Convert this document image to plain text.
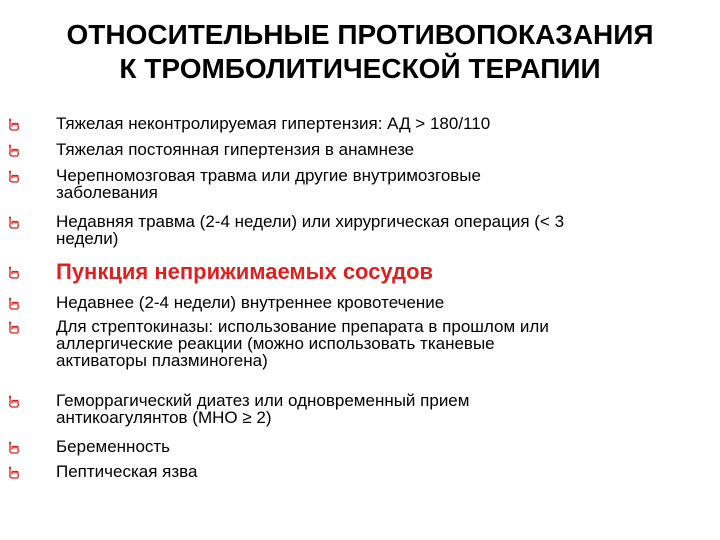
ОТНОСИТЕЛЬНЫЕ ПРОТИВОПОКАЗАНИЯ
К ТРОМБОЛИТИЧЕСКОЙ ТЕРАПИИ
Тяжелая неконтролируемая гипертензия: АД > 180/110
Тяжелая постоянная гипертензия в анамнезе
Черепномозговая травма или другие внутримозговые
заболевания
Недавняя травма (2-4 недели) или хирургическая операция (< 3
недели)
Пункция неприжимаемых сосудов
Недавнее (2-4 недели) внутреннее кровотечение
Для стрептокиназы: использование препарата в прошлом или
аллергические реакции (можно использовать тканевые
активаторы плазминогена)
Геморрагический диатез или одновременный прием
антикоагулянтов (МНО ≥ 2)
Беременность
Пептическая язва
